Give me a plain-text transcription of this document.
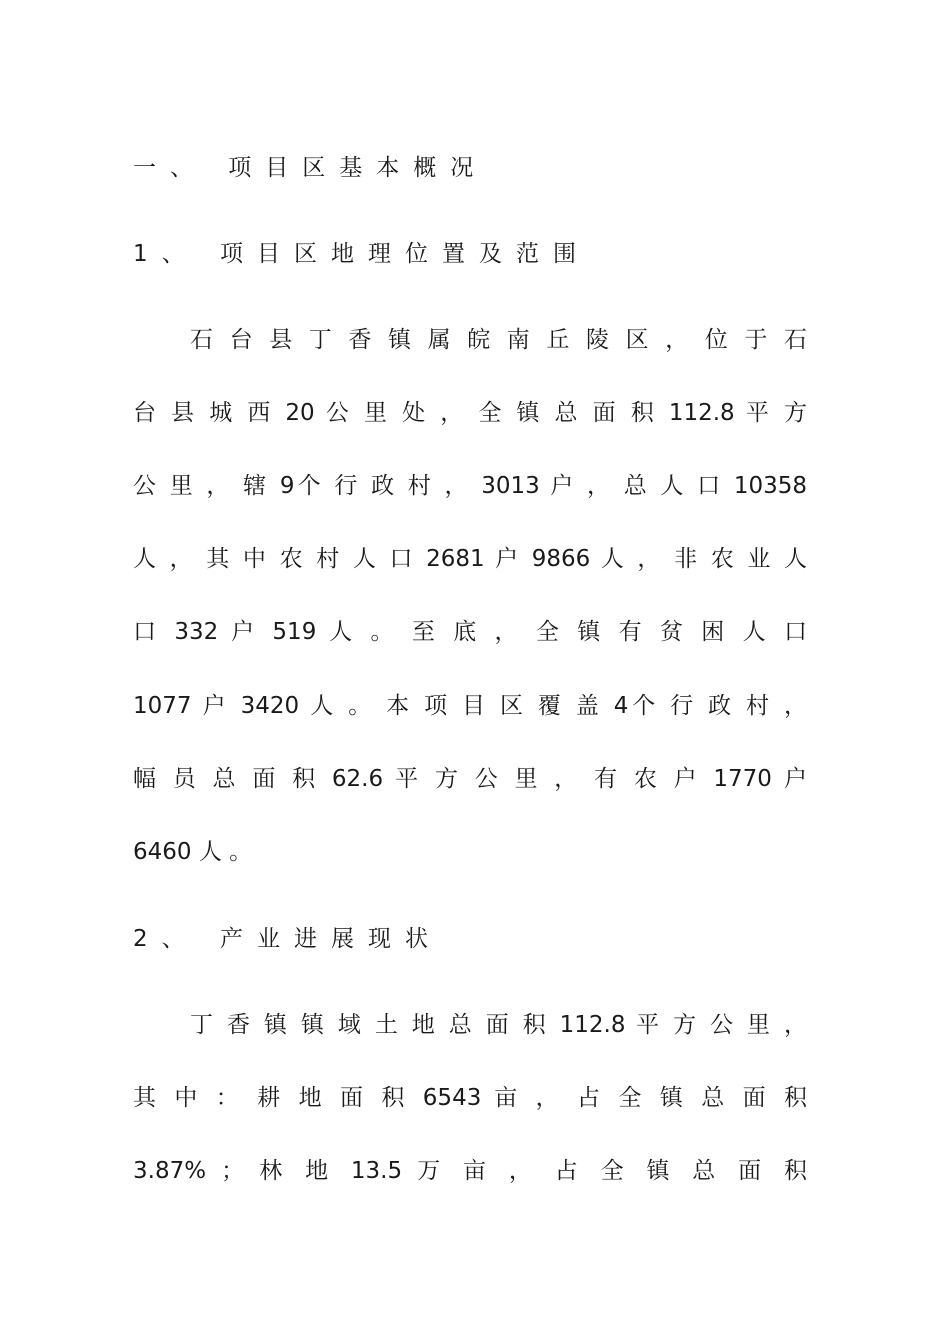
一、 项目区基本概况
1、 项目区地理位置及范围
石 台 县 丁 香 镇 属 皖 南 丘 陵 区 ， 位 于 石
台 县 城 西 20 公 里 处 ， 全 镇 总 面 积 112.8 平 方
公 里 ， 辖 9个 行 政 村 ， 3013 户 ， 总 人 口 10358
人 ， 其 中 农 村 人 口 2681 户 9866 人 ， 非 农 业 人
口 332 户 519 人 。 至 底 ， 全 镇 有 贫 困 人 口
1077 户 3420 人 。 本 项 目 区 覆 盖 4个 行 政 村 ，
幅 员 总 面 积 62.6 平 方 公 里 ， 有 农 户 1770 户
6460 人 。
2、 产业进展现状
丁 香 镇 镇 域 土 地 总 面 积 112.8 平 方 公 里 ，
其 中 ： 耕 地 面 积 6543 亩 ， 占 全 镇 总 面 积
3.87% ； 林 地 13.5 万 亩 ， 占 全 镇 总 面 积
